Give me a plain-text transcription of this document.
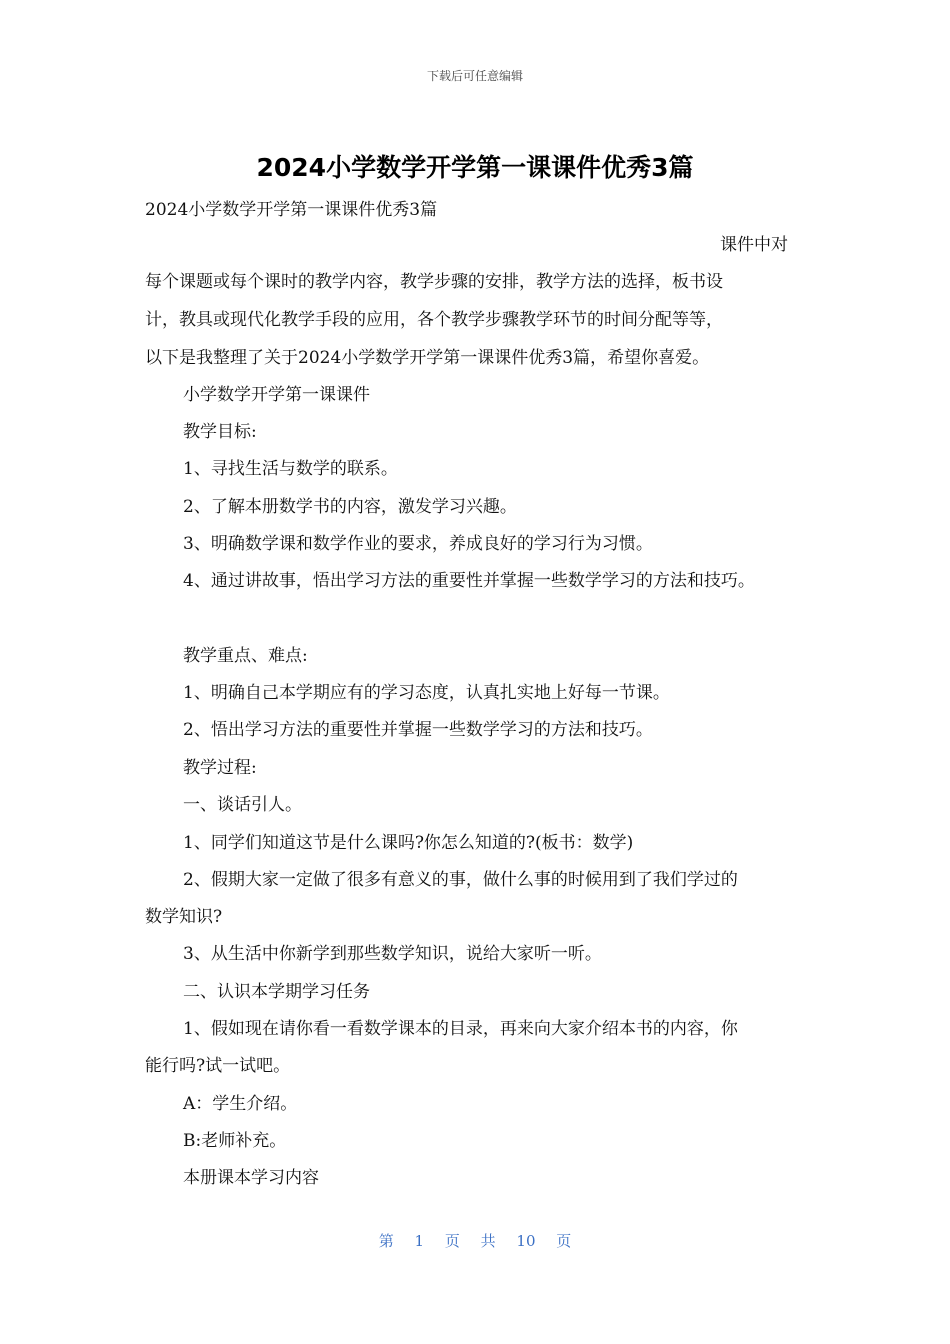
下载后可任意编辑
2024小学数学开学第一课课件优秀3篇
2024小学数学开学第一课课件优秀3篇
课件中对
每个课题或每个课时的教学内容，教学步骤的安排，教学方法的选择，板书设
计，教具或现代化教学手段的应用，各个教学步骤教学环节的时间分配等等，
以下是我整理了关于2024小学数学开学第一课课件优秀3篇，希望你喜爱。
小学数学开学第一课课件
教学目标:
1、寻找生活与数学的联系。
2、了解本册数学书的内容，激发学习兴趣。
3、明确数学课和数学作业的要求，养成良好的学习行为习惯。
4、通过讲故事，悟出学习方法的重要性并掌握一些数学学习的方法和技巧。
教学重点、难点:
1、明确自己本学期应有的学习态度，认真扎实地上好每一节课。
2、悟出学习方法的重要性并掌握一些数学学习的方法和技巧。
教学过程:
一、谈话引人。
1、同学们知道这节是什么课吗?你怎么知道的?(板书：数学)
2、假期大家一定做了很多有意义的事，做什么事的时候用到了我们学过的
数学知识?
3、从生活中你新学到那些数学知识，说给大家听一听。
二、认识本学期学习任务
1、假如现在请你看一看数学课本的目录，再来向大家介绍本书的内容，你
能行吗?试一试吧。
A：学生介绍。
B:老师补充。
本册课本学习内容
第 1 页 共 10 页
